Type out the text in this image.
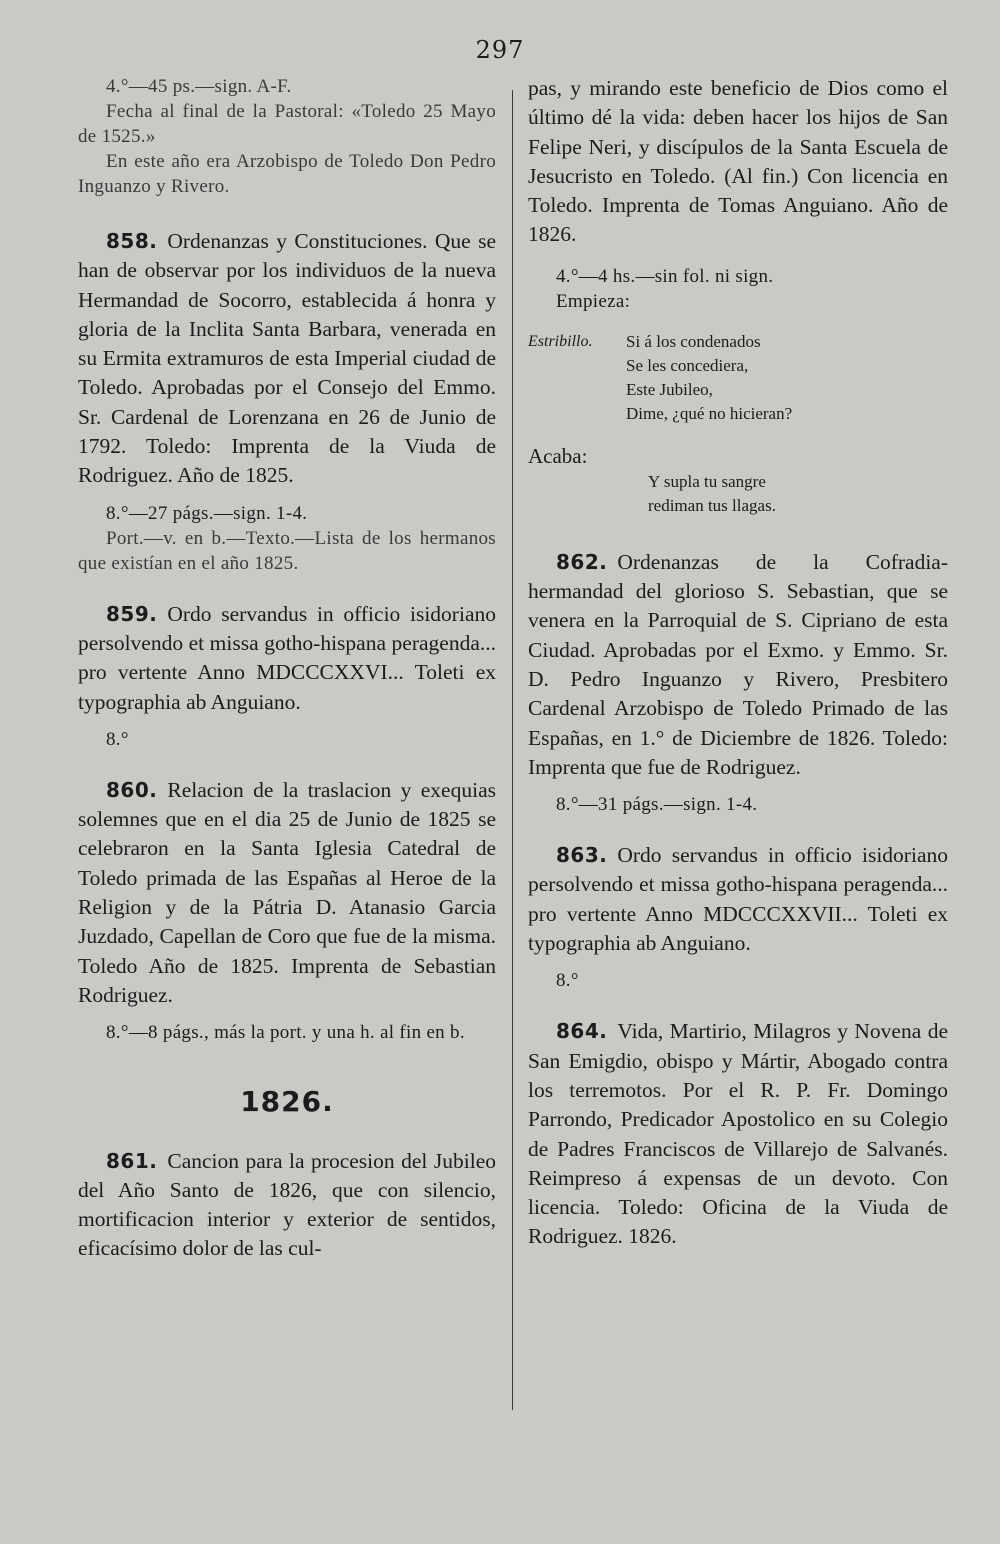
297

4.°—45 ps.—sign. A-F.

Fecha al final de la Pastoral: «Toledo 25 Mayo de 1525.»

En este año era Arzobispo de Toledo Don Pedro Inguanzo y Rivero.

858. Ordenanzas y Constituciones. Que se han de observar por los individuos de la nueva Hermandad de Socorro, establecida á honra y gloria de la Inclita Santa Barbara, venerada en su Ermita extramuros de esta Imperial ciudad de Toledo. Aprobadas por el Consejo del Emmo. Sr. Cardenal de Lorenzana en 26 de Junio de 1792. Toledo: Imprenta de la Viuda de Rodriguez. Año de 1825.

8.°—27 págs.—sign. 1-4.

Port.—v. en b.—Texto.—Lista de los hermanos que existían en el año 1825.

859. Ordo servandus in officio isidoriano persolvendo et missa gotho-hispana peragenda... pro vertente Anno MDCCCXXVI... Toleti ex typographia ab Anguiano.

8.°

860. Relacion de la traslacion y exequias solemnes que en el dia 25 de Junio de 1825 se celebraron en la Santa Iglesia Catedral de Toledo primada de las Españas al Heroe de la Religion y de la Pátria D. Atanasio Garcia Juzdado, Capellan de Coro que fue de la misma. Toledo Año de 1825. Imprenta de Sebastian Rodriguez.

8.°—8 págs., más la port. y una h. al fin en b.

1826.

861. Cancion para la procesion del Jubileo del Año Santo de 1826, que con silencio, mortificacion interior y exterior de sentidos, eficacísimo dolor de las cul-

pas, y mirando este beneficio de Dios como el último dé la vida: deben hacer los hijos de San Felipe Neri, y discípulos de la Santa Escuela de Jesucristo en Toledo. (Al fin.) Con licencia en Toledo. Imprenta de Tomas Anguiano. Año de 1826.

4.°—4 hs.—sin fol. ni sign.

Empieza:

Estribillo.	Si á los condenados
Se les concediera,
Este Jubileo,
Dime, ¿qué no hicieran?
Acaba:
Y supla tu sangre
rediman tus llagas.

862. Ordenanzas de la Cofradia-hermandad del glorioso S. Sebastian, que se venera en la Parroquial de S. Cipriano de esta Ciudad. Aprobadas por el Exmo. y Emmo. Sr. D. Pedro Inguanzo y Rivero, Presbitero Cardenal Arzobispo de Toledo Primado de las Españas, en 1.° de Diciembre de 1826. Toledo: Imprenta que fue de Rodriguez.

8.°—31 págs.—sign. 1-4.

863. Ordo servandus in officio isidoriano persolvendo et missa gotho-hispana peragenda... pro vertente Anno MDCCCXXVII... Toleti ex typographia ab Anguiano.

8.°

864. Vida, Martirio, Milagros y Novena de San Emigdio, obispo y Mártir, Abogado contra los terremotos. Por el R. P. Fr. Domingo Parrondo, Predicador Apostolico en su Colegio de Padres Franciscos de Villarejo de Salvanés. Reimpreso á expensas de un devoto. Con licencia. Toledo: Oficina de la Viuda de Rodriguez. 1826.
